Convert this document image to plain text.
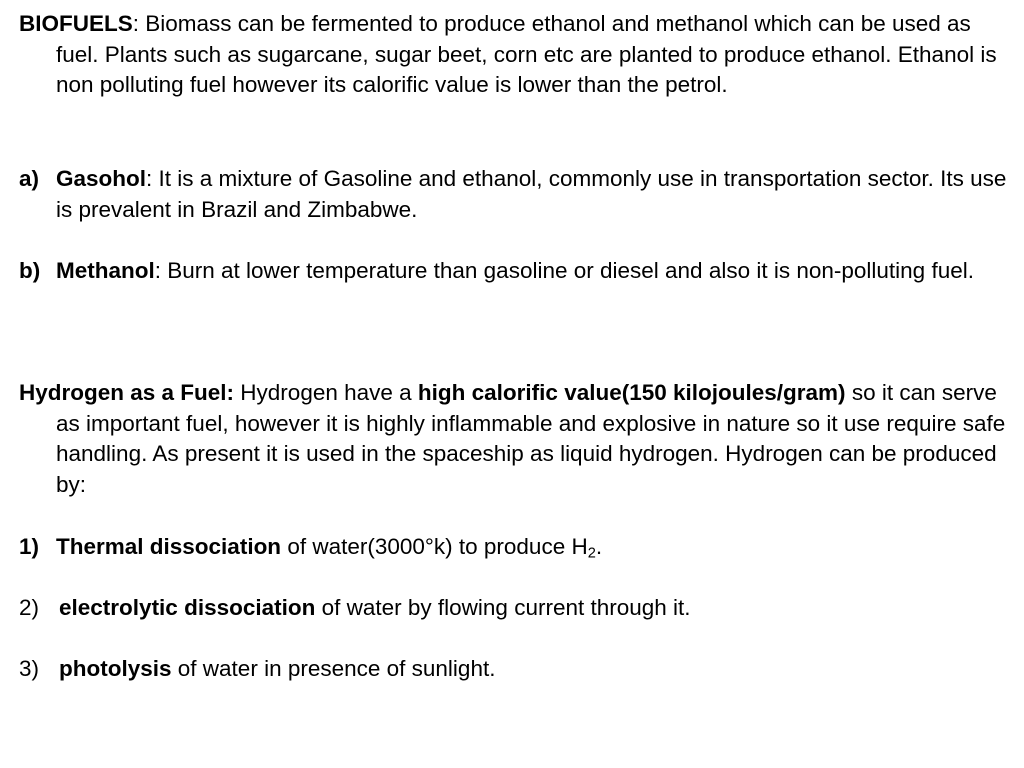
BIOFUELS: Biomass can be fermented to produce ethanol and methanol which can be used as fuel. Plants such as sugarcane, sugar beet, corn etc are planted to produce ethanol. Ethanol is non polluting fuel however its calorific value is lower than the petrol.

a) Gasohol: It is a mixture of Gasoline and ethanol, commonly use in transportation sector. Its use is prevalent in Brazil and Zimbabwe.

b) Methanol: Burn at lower temperature than gasoline or diesel and also it is non-polluting fuel.

Hydrogen as a Fuel: Hydrogen have a high calorific value(150 kilojoules/gram) so it can serve as important fuel, however it is highly inflammable and explosive in nature so it use require safe handling. As present it is used in the spaceship as liquid hydrogen. Hydrogen can be produced by:

1) Thermal dissociation of water(3000°k) to produce $H_2$.

2) electrolytic dissociation of water by flowing current through it.

3) photolysis of water in presence of sunlight.
